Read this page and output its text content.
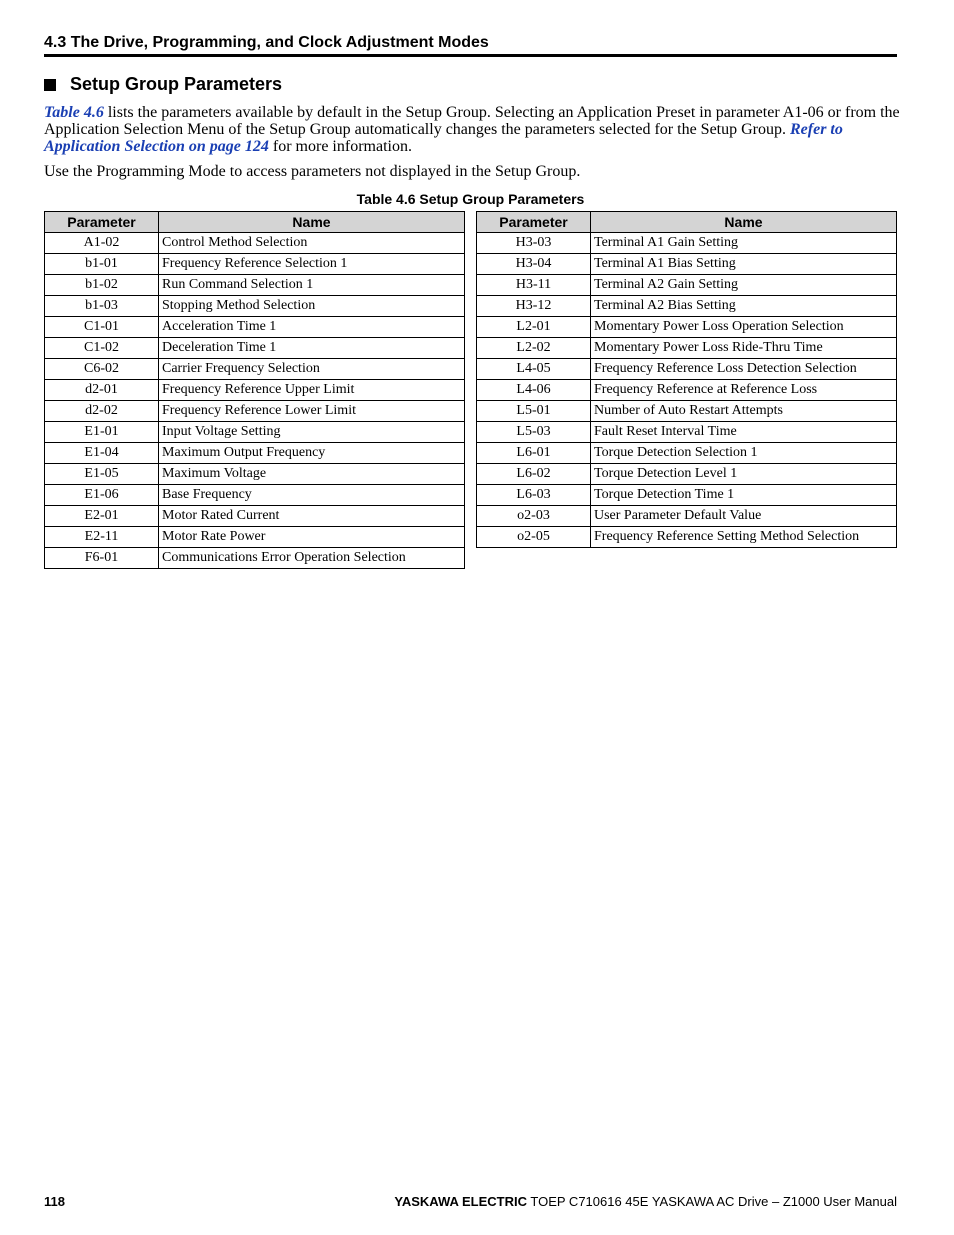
4.3 The Drive, Programming, and Clock Adjustment Modes
Setup Group Parameters
Table 4.6 lists the parameters available by default in the Setup Group. Selecting an Application Preset in parameter A1-06 or from the Application Selection Menu of the Setup Group automatically changes the parameters selected for the Setup Group. Refer to Application Selection on page 124 for more information.
Use the Programming Mode to access parameters not displayed in the Setup Group.
Table 4.6 Setup Group Parameters
Parameter	Name
A1-02	Control Method Selection
b1-01	Frequency Reference Selection 1
b1-02	Run Command Selection 1
b1-03	Stopping Method Selection
C1-01	Acceleration Time 1
C1-02	Deceleration Time 1
C6-02	Carrier Frequency Selection
d2-01	Frequency Reference Upper Limit
d2-02	Frequency Reference Lower Limit
E1-01	Input Voltage Setting
E1-04	Maximum Output Frequency
E1-05	Maximum Voltage
E1-06	Base Frequency
E2-01	Motor Rated Current
E2-11	Motor Rate Power
F6-01	Communications Error Operation Selection
Parameter	Name
H3-03	Terminal A1 Gain Setting
H3-04	Terminal A1 Bias Setting
H3-11	Terminal A2 Gain Setting
H3-12	Terminal A2 Bias Setting
L2-01	Momentary Power Loss Operation Selection
L2-02	Momentary Power Loss Ride-Thru Time
L4-05	Frequency Reference Loss Detection Selection
L4-06	Frequency Reference at Reference Loss
L5-01	Number of Auto Restart Attempts
L5-03	Fault Reset Interval Time
L6-01	Torque Detection Selection 1
L6-02	Torque Detection Level 1
L6-03	Torque Detection Time 1
o2-03	User Parameter Default Value
o2-05	Frequency Reference Setting Method Selection
118	YASKAWA ELECTRIC TOEP C710616 45E YASKAWA AC Drive – Z1000 User Manual
